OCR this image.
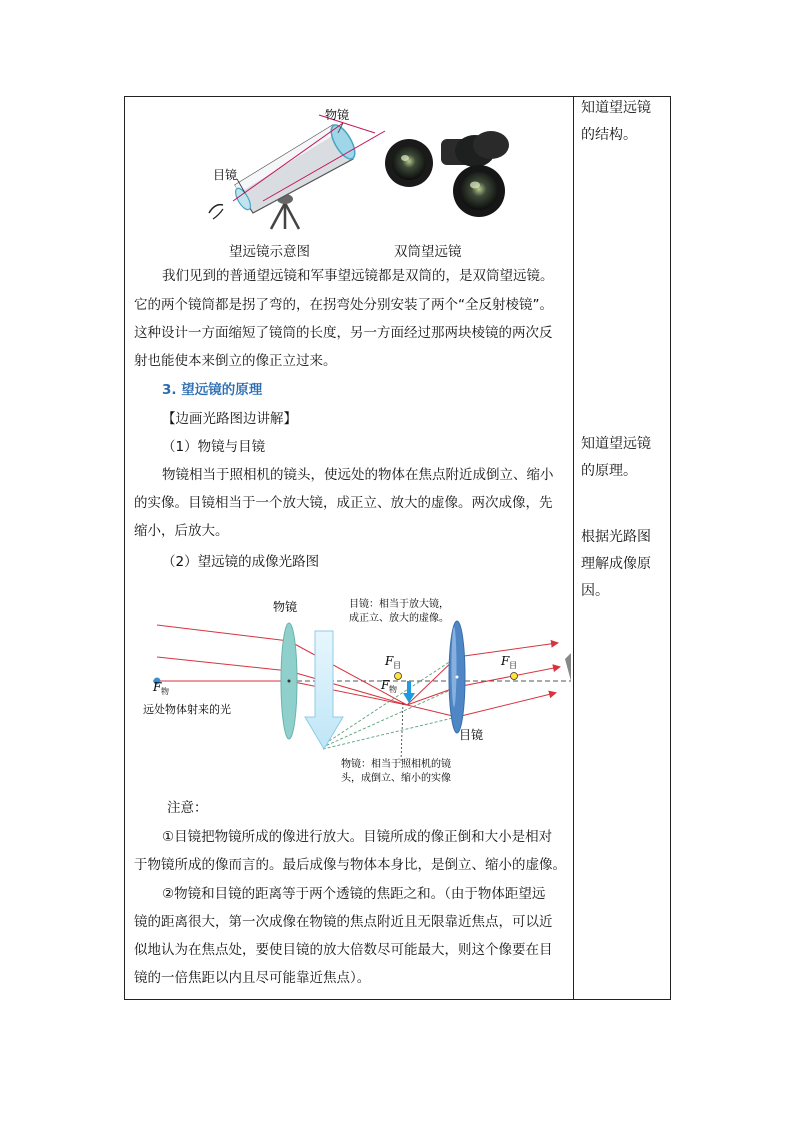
物镜
目镜
望远镜示意图	双筒望远镜
我们见到的普通望远镜和军事望远镜都是双筒的，是双筒望远镜。
它的两个镜筒都是拐了弯的，在拐弯处分别安装了两个“全反射棱镜”。
这种设计一方面缩短了镜筒的长度，另一方面经过那两块棱镜的两次反
射也能使本来倒立的像正立过来。
3. 望远镜的原理
【边画光路图边讲解】
（1）物镜与目镜
物镜相当于照相机的镜头，使远处的物体在焦点附近成倒立、缩小
的实像。目镜相当于一个放大镜，成正立、放大的虚像。两次成像，先
缩小，后放大。
（2）望远镜的成像光路图
物镜	目镜：相当于放大镜，
成正立、放大的虚像。
F 目	F 目
F 物
F 物
远处物体射来的光
目镜
物镜：相当于照相机的镜
头，成倒立、缩小的实像
注意：
①目镜把物镜所成的像进行放大。目镜所成的像正倒和大小是相对
于物镜所成的像而言的。最后成像与物体本身比，是倒立、缩小的虚像。
②物镜和目镜的距离等于两个透镜的焦距之和。（由于物体距望远
镜的距离很大，第一次成像在物镜的焦点附近且无限靠近焦点，可以近
似地认为在焦点处，要使目镜的放大倍数尽可能最大，则这个像要在目
镜的一倍焦距以内且尽可能靠近焦点）。
知道望远镜
的结构。
知道望远镜
的原理。
根据光路图
理解成像原
因。
